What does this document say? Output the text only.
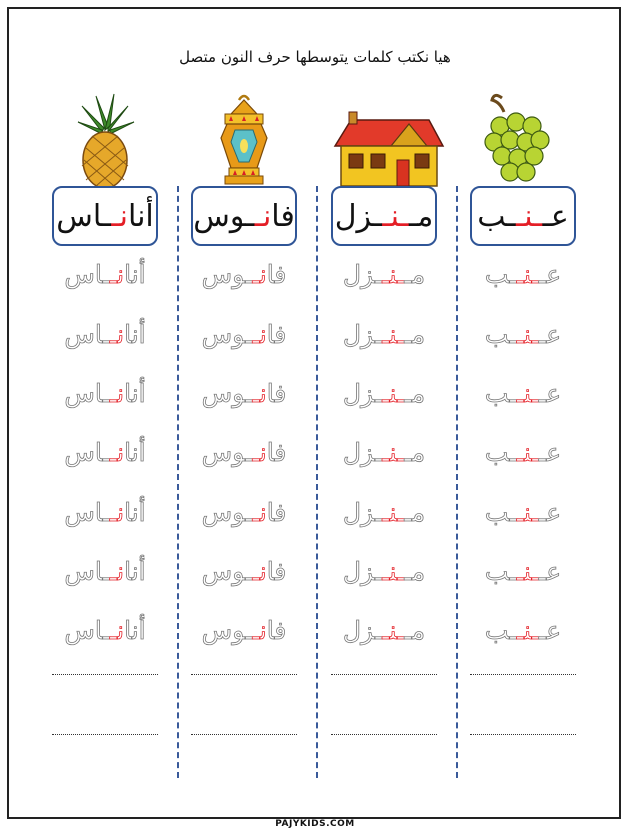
هيا نكتب كلمات يتوسطها حرف النون متصل
عـ
ـنـ
ـب
عــنــب
عــنــب
عــنــب
عــنــب
عــنــب
عــنــب
عــنــب
مـ
ـنـ
ـزل
مــنــزل
مــنــزل
مــنــزل
مــنــزل
مــنــزل
مــنــزل
مــنــزل
فا
نـ
ـوس
فانــوس
فانــوس
فانــوس
فانــوس
فانــوس
فانــوس
فانــوس
أنا
نـ
ـاس
أنانــاس
أنانــاس
أنانــاس
أنانــاس
أنانــاس
أنانــاس
أنانــاس
PAJYKIDS.COM
